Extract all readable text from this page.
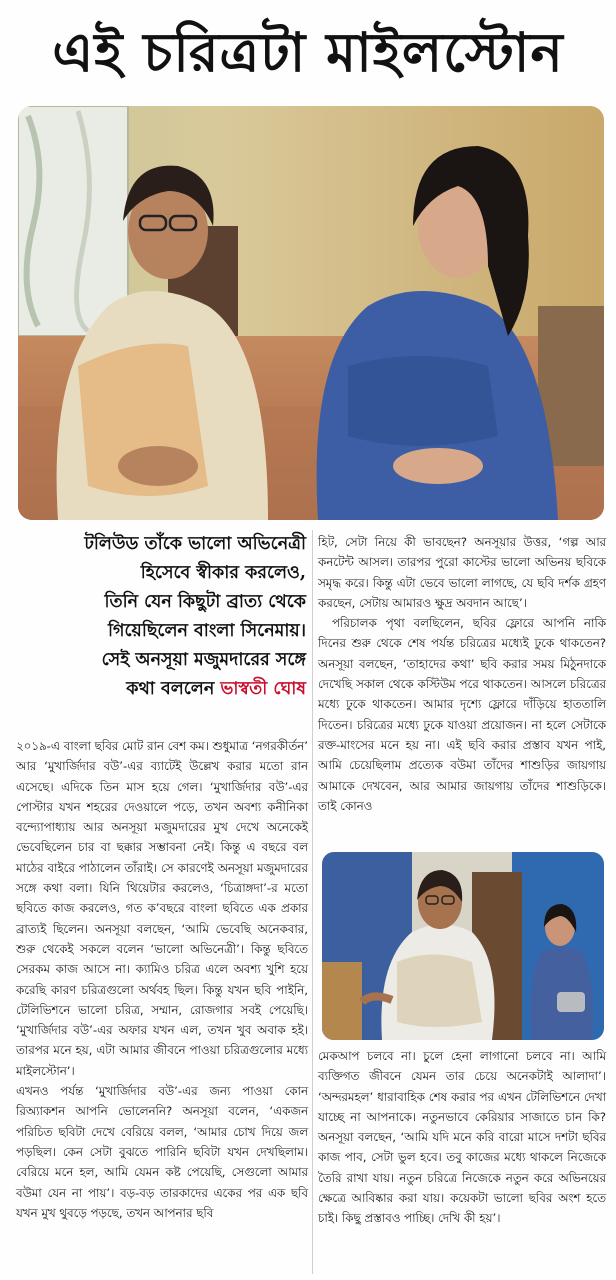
এই চরিত্রটা মাইলস্টোন
টলিউড তাঁকে ভালো অভিনেত্রী
হিসেবে স্বীকার করলেও,
তিনি যেন কিছুটা ব্রাত্য থেকে
গিয়েছিলেন বাংলা সিনেমায়।
সেই অনসূয়া মজুমদারের সঙ্গে
কথা বললেন ভাস্বতী ঘোষ

২০১৯-এ বাংলা ছবির মোট রান বেশ কম। শুধুমাত্র ‘নগরকীর্তন’ আর ‘মুখার্জিদার বউ’-এর ব্যাটেই উল্লেখ করার মতো রান এসেছে। এদিকে তিন মাস হয়ে গেল। ‘মুখার্জিদার বউ’-এর পোস্টার যখন শহরের দেওয়ালে পড়ে, তখন অবশ্য কনীনিকা বন্দ্যোপাধ্যায় আর অনসূয়া মজুমদারের মুখ দেখে অনেকেই ভেবেছিলেন চার বা ছক্কার সম্ভাবনা নেই। কিন্তু এ বছরে বল মাঠের বাইরে পাঠালেন তাঁরাই। সে কারণেই অনসূয়া মজুমদারের সঙ্গে কথা বলা। যিনি থিয়েটার করলেও, ‘চিত্রাঙ্গদা’-র মতো ছবিতে কাজ করলেও, গত ক’বছরে বাংলা ছবিতে এক প্রকার ব্রাত্যই ছিলেন। অনসূয়া বলছেন, ‘আমি ভেবেছি অনেকবার, শুরু থেকেই সকলে বলেন ‘ভালো অভিনেত্রী’। কিন্তু ছবিতে সেরকম কাজ আসে না। ক্যামিও চরিত্র এলে অবশ্য খুশি হয়ে করেছি কারণ চরিত্রগুলো অর্থবহ ছিল। কিন্তু যখন ছবি পাইনি, টেলিভিশনে ভালো চরিত্র, সম্মান, রোজগার সবই পেয়েছি। ‘মুখার্জিদার বউ’-এর অফার যখন এল, তখন খুব অবাক হই। তারপর মনে হয়, এটা আমার জীবনে পাওয়া চরিত্রগুলোর মধ্যে মাইলস্টোন’।

এখনও পর্যন্ত ‘মুখার্জিদার বউ’-এর জন্য পাওয়া কোন রিঅ্যাকশন আপনি ভোলেননি? অনসূয়া বলেন, ‘একজন পরিচিত ছবিটা দেখে বেরিয়ে বলল, ‘আমার চোখ দিয়ে জল পড়ছিল। কেন সেটা বুঝতে পারিনি ছবিটা যখন দেখছিলাম। বেরিয়ে মনে হল, আমি যেমন কষ্ট পেয়েছি, সেগুলো আমার বউমা যেন না পায়’। বড়-বড় তারকাদের একের পর এক ছবি যখন মুখ থুবড়ে পড়ছে, তখন আপনার ছবি

হিট, সেটা নিয়ে কী ভাবছেন? অনসূয়ার উত্তর, ‘গল্প আর কনটেন্ট আসল। তারপর পুরো কাস্টের ভালো অভিনয় ছবিকে সমৃদ্ধ করে। কিন্তু এটা ভেবে ভালো লাগছে, যে ছবি দর্শক গ্রহণ করছেন, সেটায় আমারও ক্ষুদ্র অবদান আছে’।

পরিচালক পৃথা বলছিলেন, ছবির ফ্লোরে আপনি নাকি দিনের শুরু থেকে শেষ পর্যন্ত চরিত্রের মধ্যেই ঢুকে থাকতেন? অনসূয়া বলছেন, ‘তাহাদের কথা’ ছবি করার সময় মিঠুনদাকে দেখেছি সকাল থেকে কস্টিউম পরে থাকতেন। আসলে চরিত্রের মধ্যে ঢুকে থাকতেন। আমার দৃশ্যে ফ্লোরে দাঁড়িয়ে হাততালি দিতেন। চরিত্রের মধ্যে ঢুকে যাওয়া প্রয়োজন। না হলে সেটাকে রক্ত-মাংসের মনে হয় না। এই ছবি করার প্রস্তাব যখন পাই, আমি চেয়েছিলাম প্রত্যেক বউমা তাঁদের শাশুড়ির জায়গায় আমাকে দেখবেন, আর আমার জায়গায় তাঁদের শাশুড়িকে। তাই কোনও

মেকআপ চলবে না। চুলে হেনা লাগানো চলবে না। আমি ব্যক্তিগত জীবনে যেমন তার চেয়ে অনেকটাই আলাদা’। ‘অন্দরমহল’ ধারাবাহিক শেষ করার পর এখন টেলিভিশনে দেখা যাচ্ছে না আপনাকে। নতুনভাবে কেরিয়ার সাজাতে চান কি? অনসূয়া বলছেন, ‘আমি যদি মনে করি বারো মাসে দশটা ছবির কাজ পাব, সেটা ভুল হবে। তবু কাজের মধ্যে থাকলে নিজেকে তৈরি রাখা যায়। নতুন চরিত্রে নিজেকে নতুন করে অভিনয়ের ক্ষেত্রে আবিষ্কার করা যায়। কয়েকটা ভালো ছবির অংশ হতে চাই। কিছু প্রস্তাবও পাচ্ছি। দেখি কী হয়’।
